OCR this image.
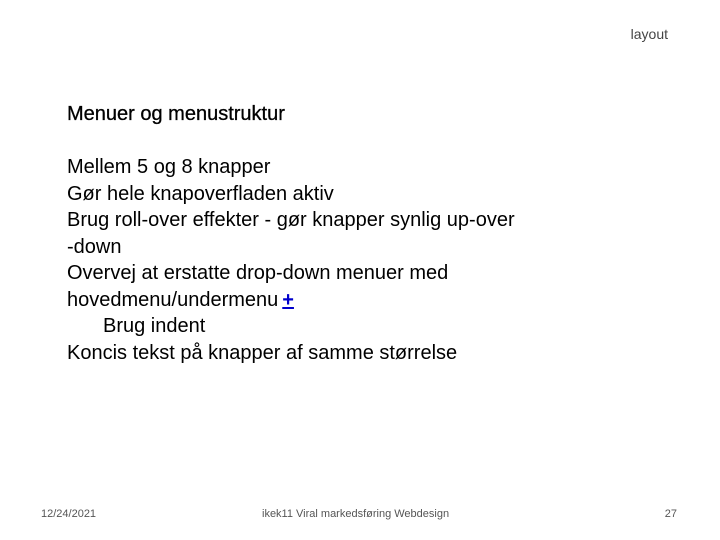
layout
Menuer og menustruktur
Mellem 5 og 8 knapper
Gør hele knapoverfladen aktiv
Brug roll-over effekter - gør knapper synlig up-over
-down
Overvej at erstatte drop-down menuer med
hovedmenu/undermenu +
Brug indent
Koncis tekst på knapper af samme størrelse
12/24/2021	ikek11 Viral markedsføring Webdesign	27
